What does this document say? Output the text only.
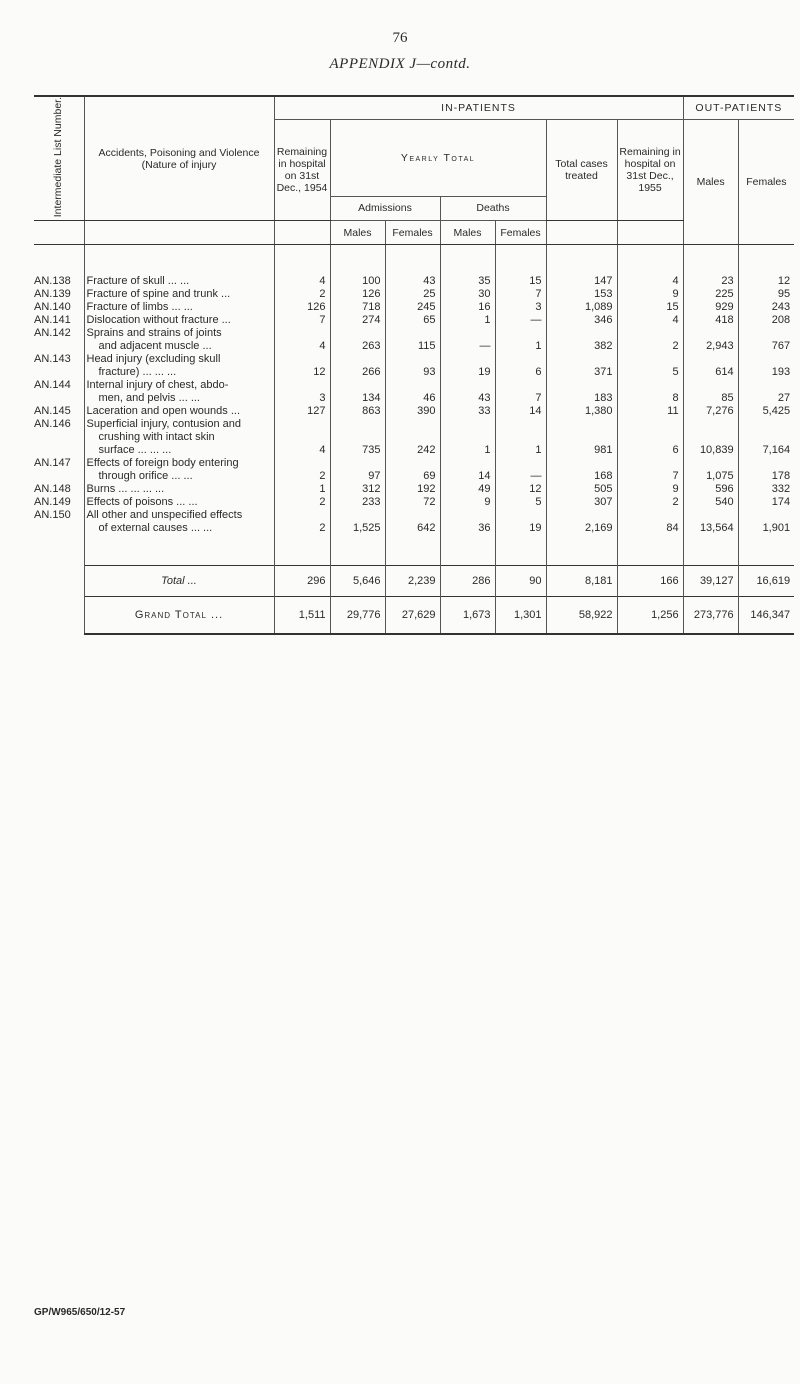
76
APPENDIX J—contd.
Intermediate List Number.	Accidents, Poisoning and Violence (Nature of injury	IN-PATIENTS							OUT-PATIENTS	
		Remaining in hospital on 31st Dec., 1954	Yearly Total				Total cases treated	Remaining in hospital on 31st Dec., 1955	Males	Females
			Admissions		Deaths					
			Males	Females	Males	Females				

AN.138	Fracture of skull ... ...	4	100	43	35	15	147	4	23	12
AN.139	Fracture of spine and trunk ...	2	126	25	30	7	153	9	225	95
AN.140	Fracture of limbs ... ...	126	718	245	16	3	1,089	15	929	243
AN.141	Dislocation without fracture ...	7	274	65	1	—	346	4	418	208
AN.142	Sprains and strains of joints									
	and adjacent muscle ...	4	263	115	—	1	382	2	2,943	767
AN.143	Head injury (excluding skull									
	fracture) ... ... ...	12	266	93	19	6	371	5	614	193
AN.144	Internal injury of chest, abdo-									
	men, and pelvis ... ...	3	134	46	43	7	183	8	85	27
AN.145	Laceration and open wounds ...	127	863	390	33	14	1,380	11	7,276	5,425
AN.146	Superficial injury, contusion and									
	crushing with intact skin									
	surface ... ... ...	4	735	242	1	1	981	6	10,839	7,164
AN.147	Effects of foreign body entering									
	through orifice ... ...	2	97	69	14	—	168	7	1,075	178
AN.148	Burns ... ... ... ...	1	312	192	49	12	505	9	596	332
AN.149	Effects of poisons ... ...	2	233	72	9	5	307	2	540	174
AN.150	All other and unspecified effects									
	of external causes ... ...	2	1,525	642	36	19	2,169	84	13,564	1,901

	Total ...	296	5,646	2,239	286	90	8,181	166	39,127	16,619

	Grand Total ...	1,511	29,776	27,629	1,673	1,301	58,922	1,256	273,776	146,347
GP/W965/650/12-57
